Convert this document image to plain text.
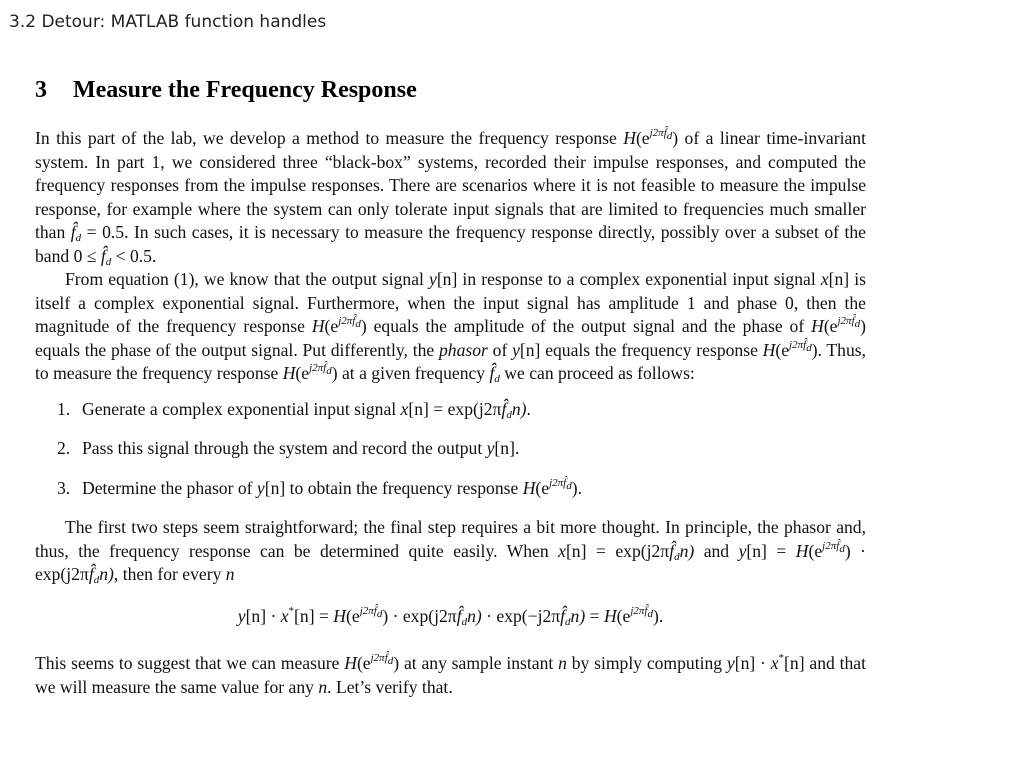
3.2 Detour: MATLAB function handles
3 Measure the Frequency Response

In this part of the lab, we develop a method to measure the frequency response $H(e^{j2\pi f̂_d})$ of a linear time-invariant system. In part 1, we considered three “black-box” systems, recorded their impulse responses, and computed the frequency responses from the impulse responses. There are scenarios where it is not feasible to measure the impulse response, for example where the system can only tolerate input signals that are limited to frequencies much smaller than $f̂_d = 0.5$. In such cases, it is necessary to measure the frequency response directly, possibly over a subset of the band $0 \le f̂_d < 0.5$.

From equation (1), we know that the output signal y[n] in response to a complex exponential input signal x[n] is itself a complex exponential signal. Furthermore, when the input signal has amplitude 1 and phase 0, then the magnitude of the frequency response $H(e^{j2\pi f̂_d})$ equals the amplitude of the output signal and the phase of $H(e^{j2\pi f̂_d})$ equals the phase of the output signal. Put differently, the phasor of y[n] equals the frequency response $H(e^{j2\pi f̂_d})$. Thus, to measure the frequency response $H(e^{j2\pi f̂_d})$ at a given frequency $f̂_d$ we can proceed as follows:

1. Generate a complex exponential input signal $x[n] = \exp(j2\pi f̂_dn)$.
2. Pass this signal through the system and record the output y[n].
3. Determine the phasor of y[n] to obtain the frequency response $H(e^{j2\pi f̂_d})$.

The first two steps seem straightforward; the final step requires a bit more thought. In principle, the phasor and, thus, the frequency response can be determined quite easily. When $x[n] = \exp(j2\pi f̂_dn)$ and $y[n] = H(e^{j2\pi f̂_d})$ · $\exp(j2\pi f̂_dn)$, then for every n

$y[n] \cdot x^*[n] = H(e^{j2\pi f̂_d})$ · $\exp(j2\pi f̂_dn)$ · $\exp(-j2\pi f̂_dn) = H(e^{j2\pi f̂_d})$.

This seems to suggest that we can measure $H(e^{j2\pi f̂_d})$ at any sample instant n by simply computing y[n] · x*[n] and that we will measure the same value for any n. Let’s verify that.
